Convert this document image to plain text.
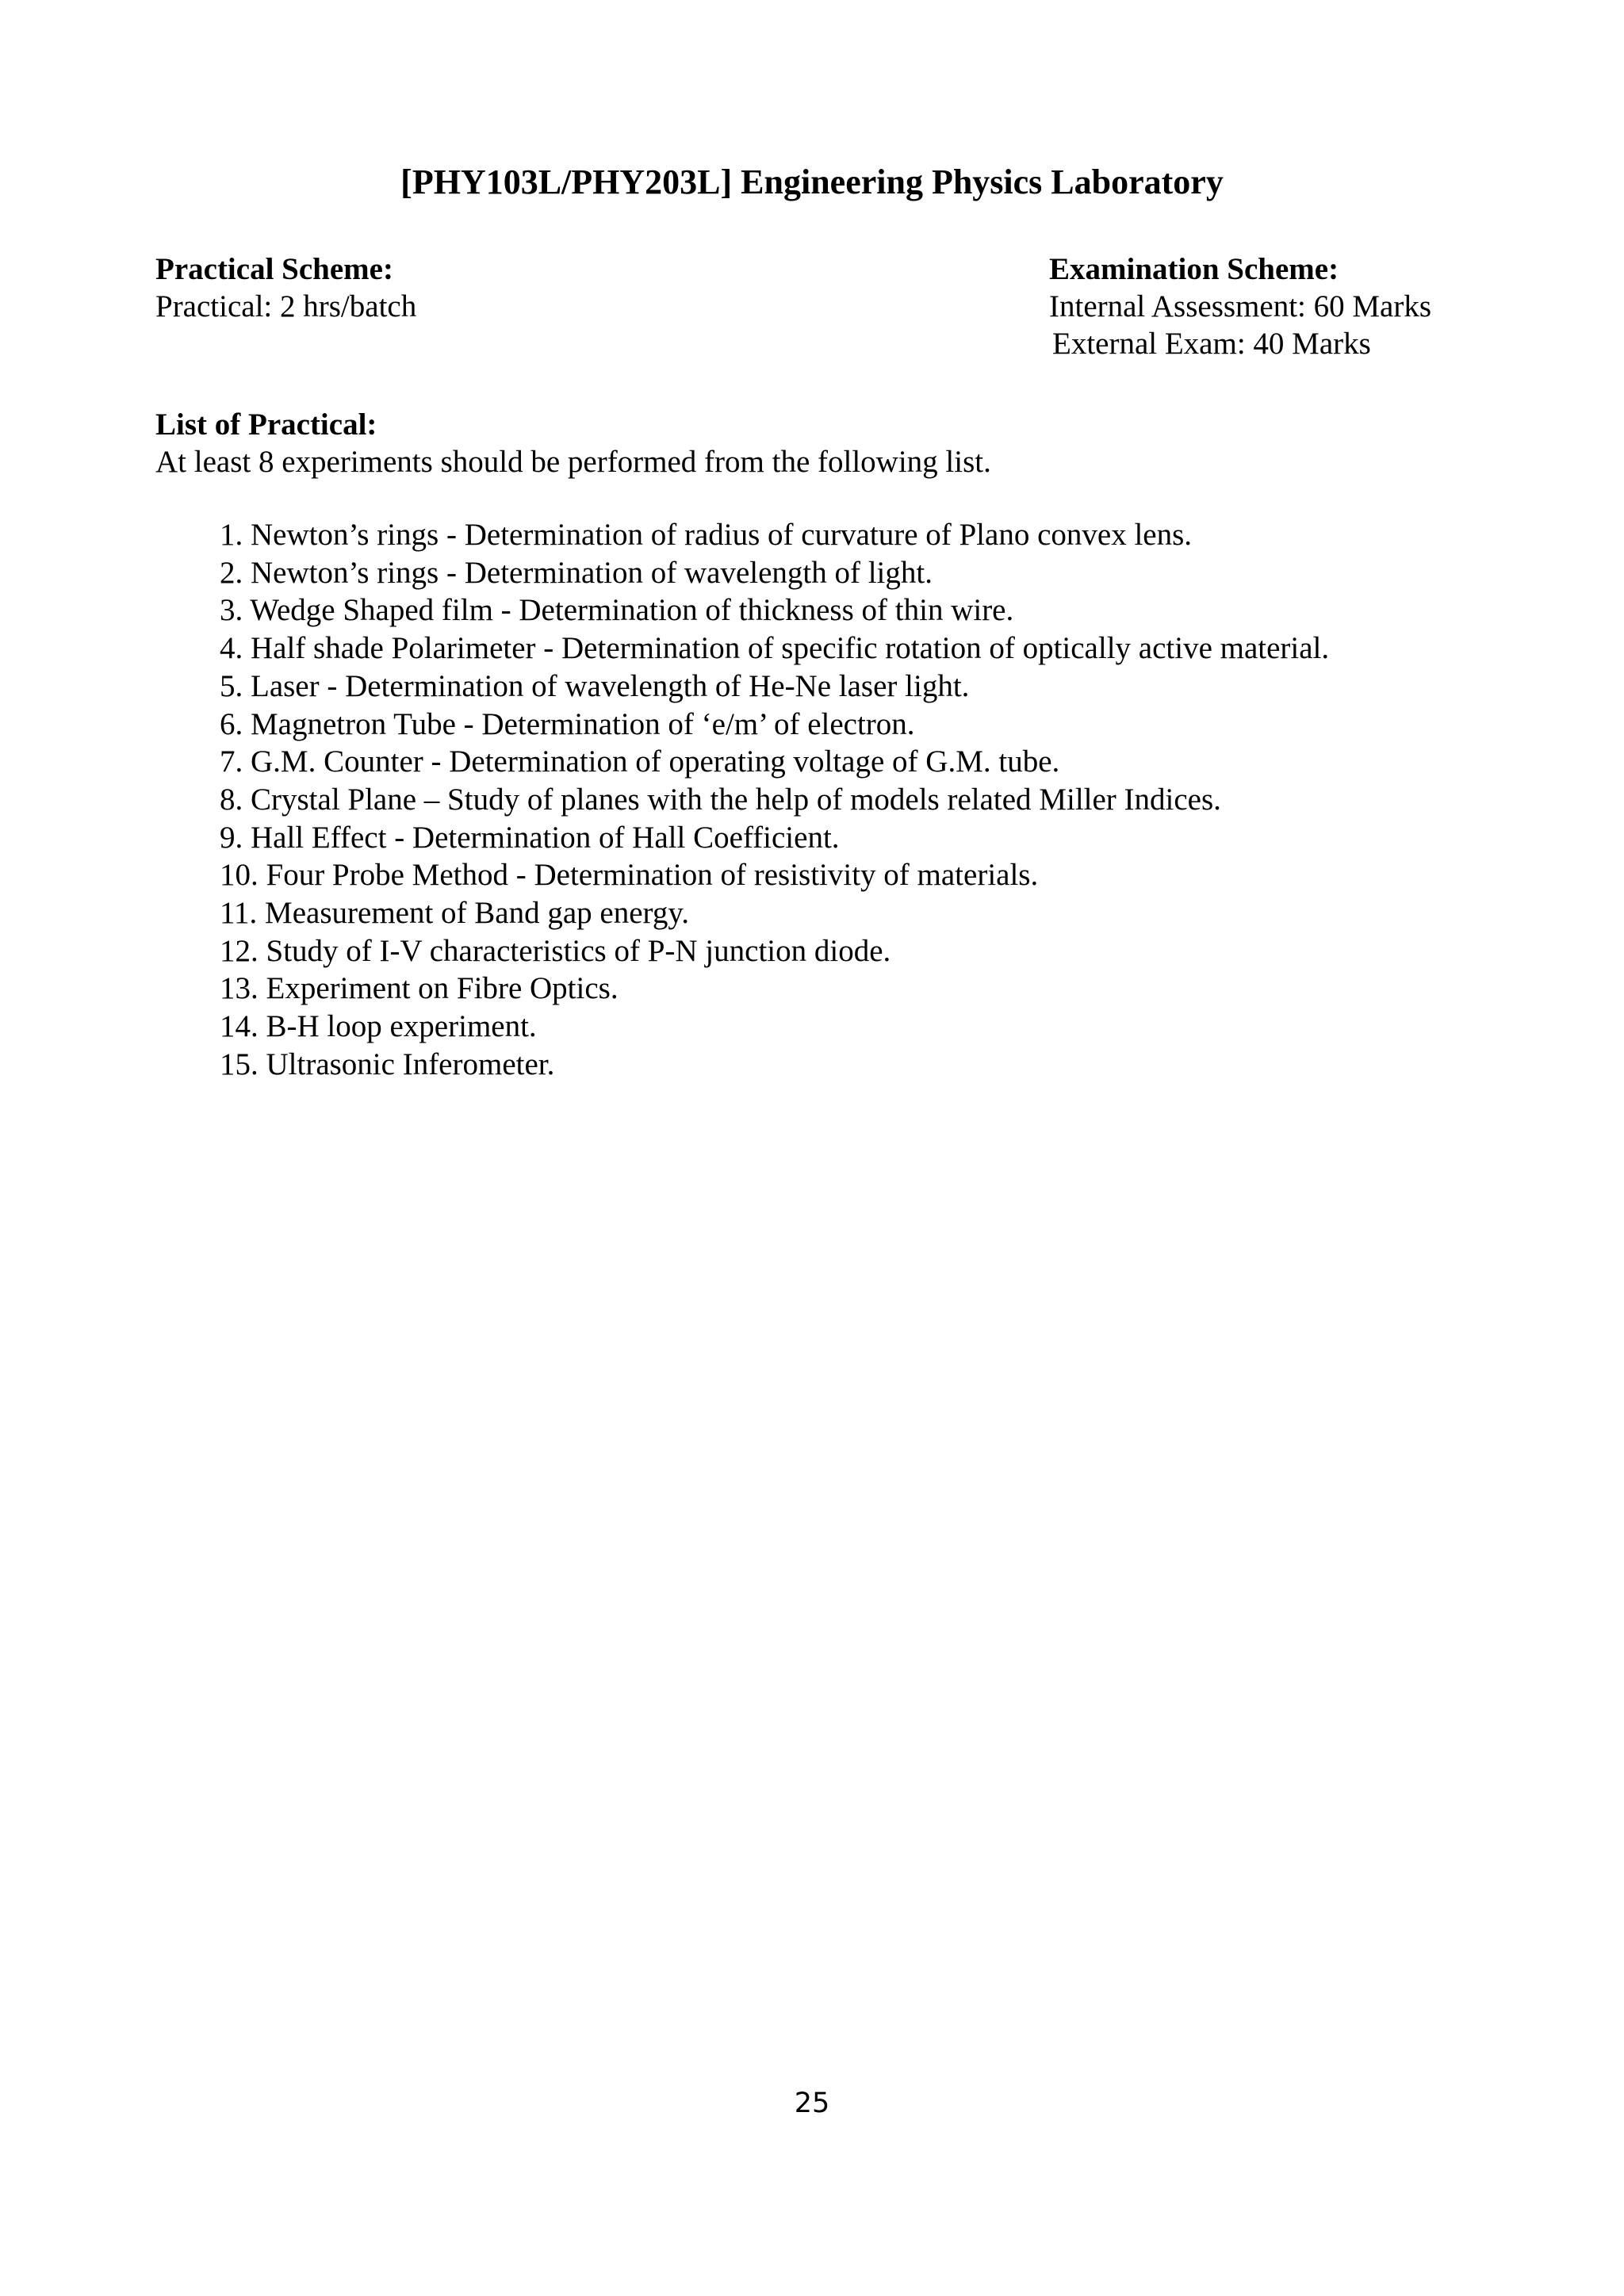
[PHY103L/PHY203L] Engineering Physics Laboratory
Practical Scheme:
Practical: 2 hrs/batch
Examination Scheme:
Internal Assessment: 60 Marks
External Exam: 40 Marks
List of Practical:
At least 8 experiments should be performed from the following list.
1. Newton’s rings - Determination of radius of curvature of Plano convex lens.
2. Newton’s rings - Determination of wavelength of light.
3. Wedge Shaped film - Determination of thickness of thin wire.
4. Half shade Polarimeter - Determination of specific rotation of optically active material.
5. Laser - Determination of wavelength of He-Ne laser light.
6. Magnetron Tube - Determination of ‘e/m’ of electron.
7. G.M. Counter - Determination of operating voltage of G.M. tube.
8. Crystal Plane – Study of planes with the help of models related Miller Indices.
9. Hall Effect - Determination of Hall Coefficient.
10. Four Probe Method - Determination of resistivity of materials.
11. Measurement of Band gap energy.
12. Study of I-V characteristics of P-N junction diode.
13. Experiment on Fibre Optics.
14. B-H loop experiment.
15. Ultrasonic Inferometer.
25
